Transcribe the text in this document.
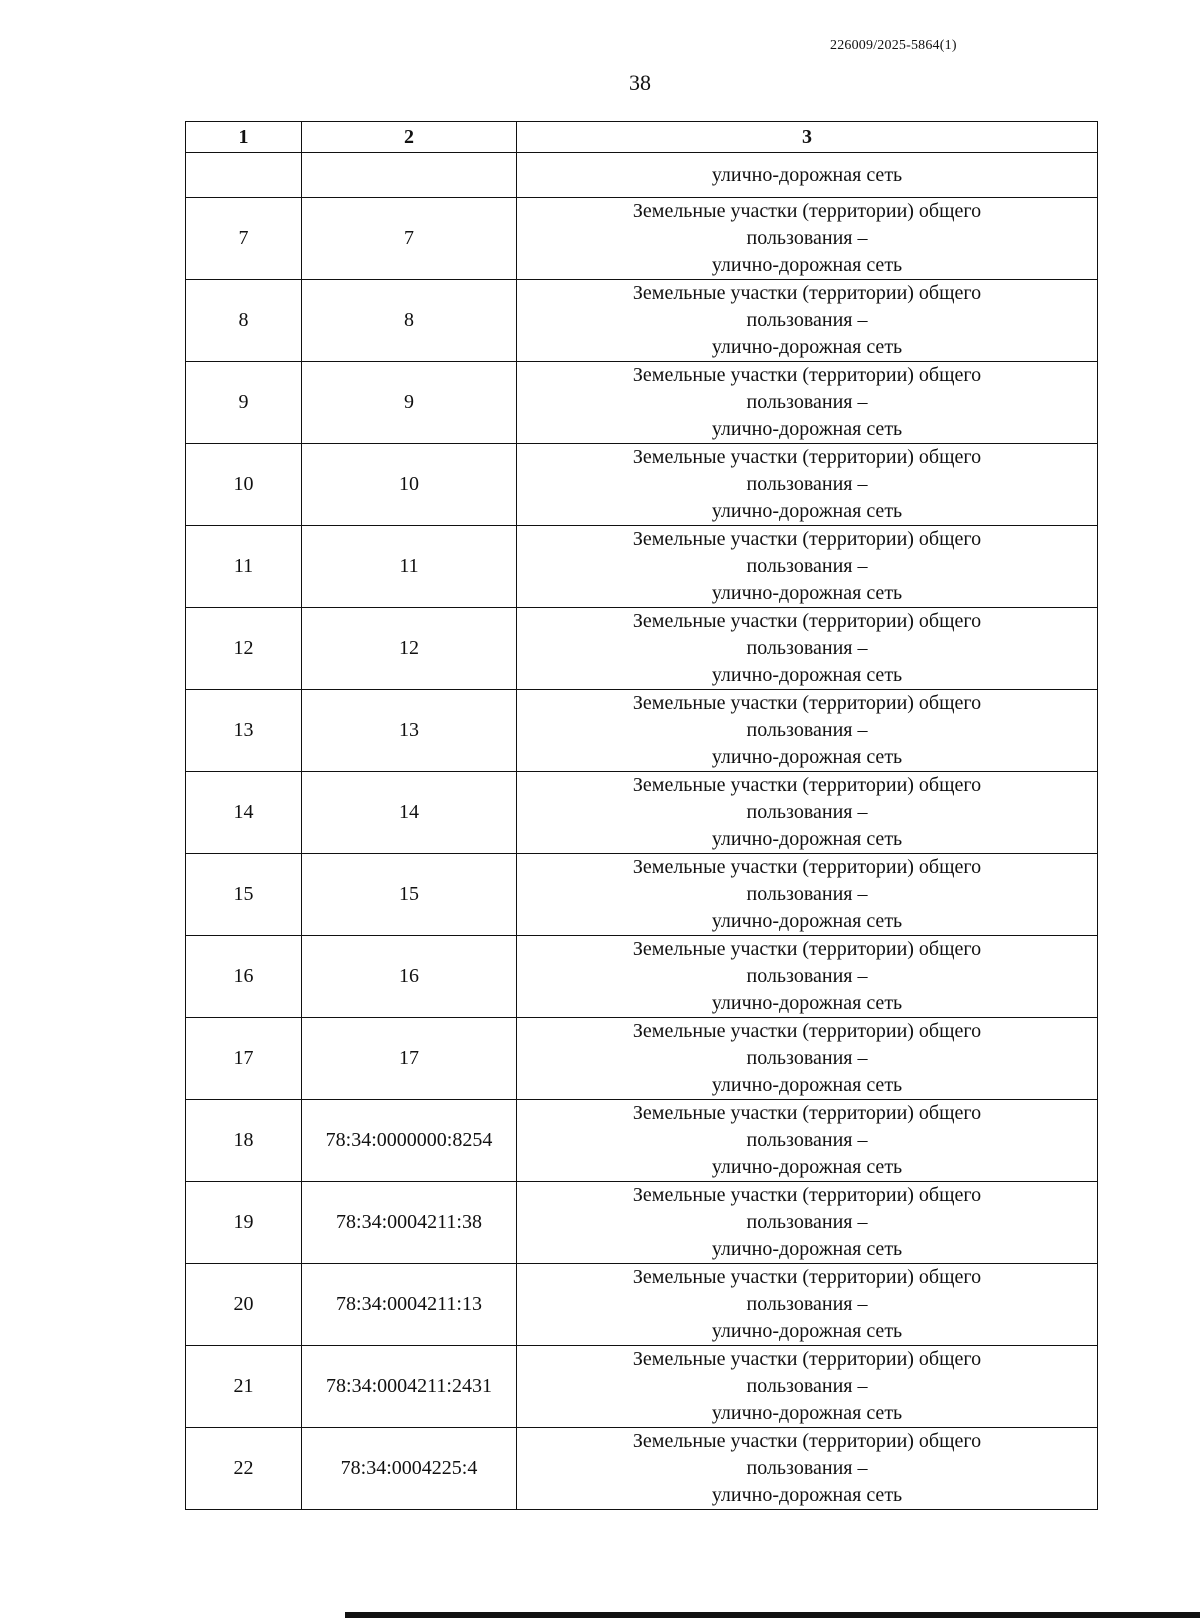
226009/2025-5864(1)
38
1	2	3
		улично-дорожная сеть
7	7	Земельные участки (территории) общего
пользования –
улично-дорожная сеть

8	8	Земельные участки (территории) общего
пользования –
улично-дорожная сеть

9	9	Земельные участки (территории) общего
пользования –
улично-дорожная сеть

10	10	Земельные участки (территории) общего
пользования –
улично-дорожная сеть

11	11	Земельные участки (территории) общего
пользования –
улично-дорожная сеть

12	12	Земельные участки (территории) общего
пользования –
улично-дорожная сеть

13	13	Земельные участки (территории) общего
пользования –
улично-дорожная сеть

14	14	Земельные участки (территории) общего
пользования –
улично-дорожная сеть

15	15	Земельные участки (территории) общего
пользования –
улично-дорожная сеть

16	16	Земельные участки (территории) общего
пользования –
улично-дорожная сеть

17	17	Земельные участки (территории) общего
пользования –
улично-дорожная сеть

18	78:34:0000000:8254	Земельные участки (территории) общего
пользования –
улично-дорожная сеть

19	78:34:0004211:38	Земельные участки (территории) общего
пользования –
улично-дорожная сеть

20	78:34:0004211:13	Земельные участки (территории) общего
пользования –
улично-дорожная сеть

21	78:34:0004211:2431	Земельные участки (территории) общего
пользования –
улично-дорожная сеть

22	78:34:0004225:4	Земельные участки (территории) общего
пользования –
улично-дорожная сеть
